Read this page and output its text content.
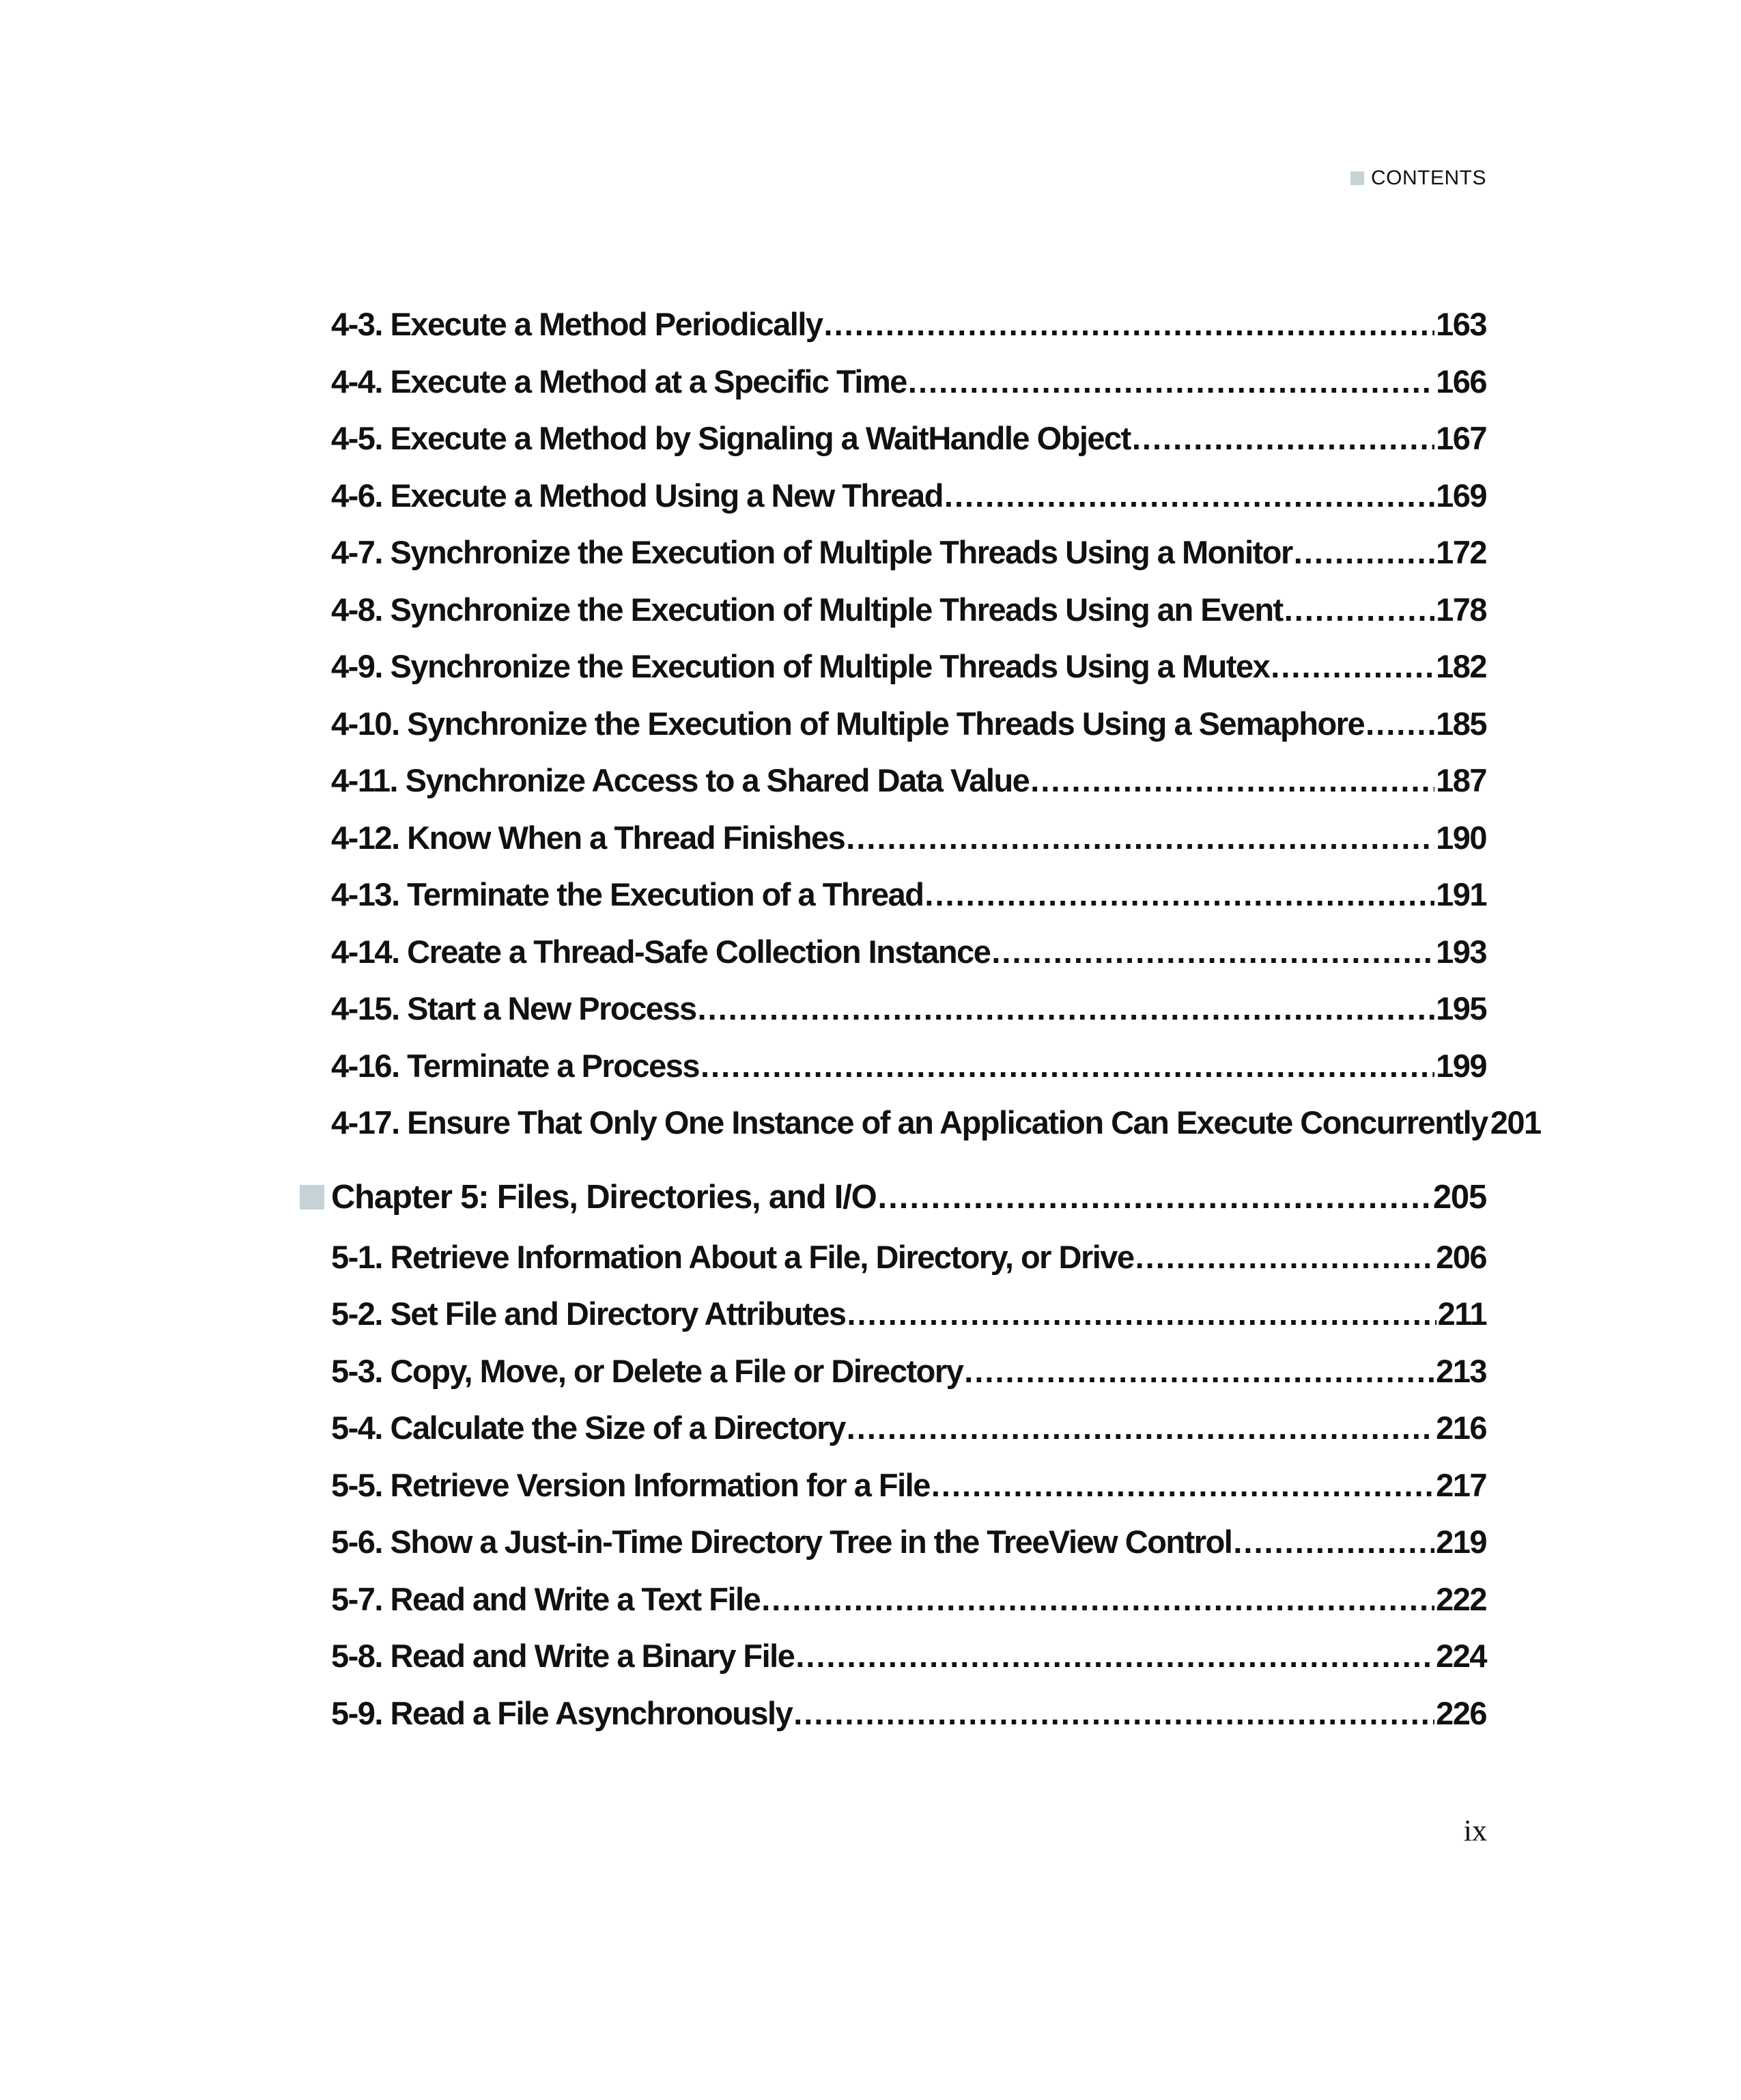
CONTENTS
4-3. Execute a Method Periodically .....	163
4-4. Execute a Method at a Specific Time .....	166
4-5. Execute a Method by Signaling a WaitHandle Object .....	167
4-6. Execute a Method Using a New Thread .....	169
4-7. Synchronize the Execution of Multiple Threads Using a Monitor .....	172
4-8. Synchronize the Execution of Multiple Threads Using an Event .....	178
4-9. Synchronize the Execution of Multiple Threads Using a Mutex .....	182
4-10. Synchronize the Execution of Multiple Threads Using a Semaphore ..... 185
4-11. Synchronize Access to a Shared Data Value .....	187
4-12. Know When a Thread Finishes .....	190
4-13. Terminate the Execution of a Thread .....	191
4-14. Create a Thread-Safe Collection Instance .....	193
4-15. Start a New Process .....	195
4-16. Terminate a Process .....	199
4-17. Ensure That Only One Instance of an Application Can Execute Concurrently 201
Chapter 5: Files, Directories, and I/O .....	205
5-1. Retrieve Information About a File, Directory, or Drive .....	206
5-2. Set File and Directory Attributes .....	211
5-3. Copy, Move, or Delete a File or Directory .....	213
5-4. Calculate the Size of a Directory .....	216
5-5. Retrieve Version Information for a File .....	217
5-6. Show a Just-in-Time Directory Tree in the TreeView Control .....	219
5-7. Read and Write a Text File .....	222
5-8. Read and Write a Binary File .....	224
5-9. Read a File Asynchronously .....	226
ix
